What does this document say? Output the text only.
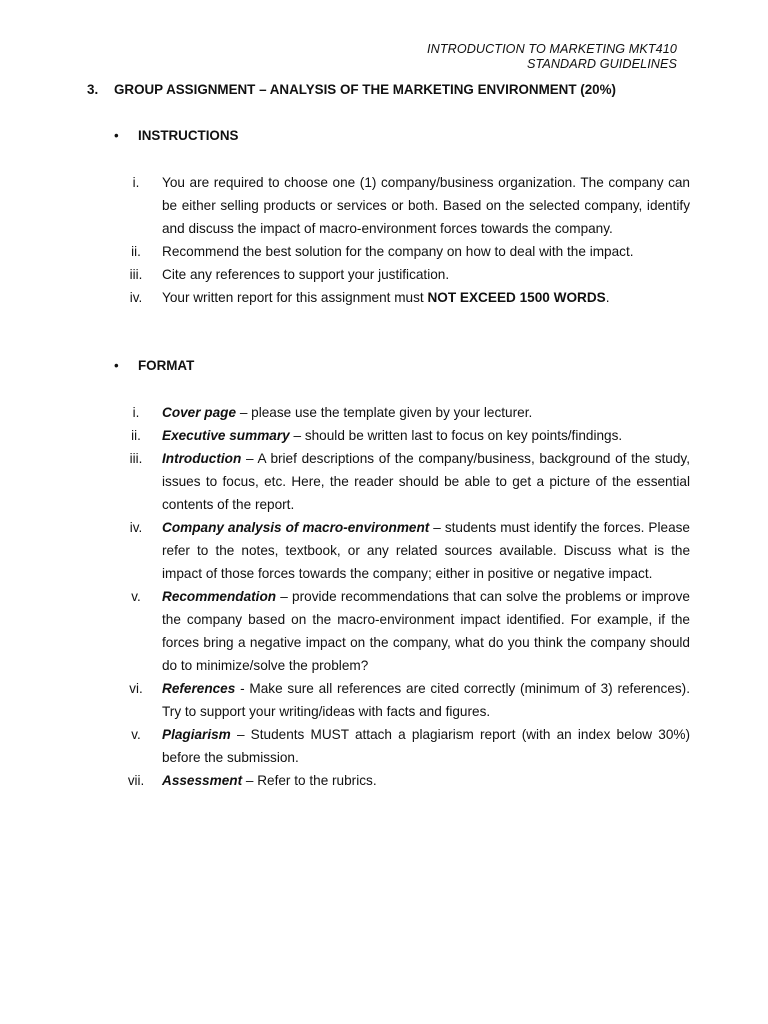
INTRODUCTION TO MARKETING MKT410
STANDARD GUIDELINES
3. GROUP ASSIGNMENT – ANALYSIS OF THE MARKETING ENVIRONMENT (20%)
• INSTRUCTIONS
i.	You are required to choose one (1) company/business organization. The company can be either selling products or services or both. Based on the selected company, identify and discuss the impact of macro-environment forces towards the company.
ii.	Recommend the best solution for the company on how to deal with the impact.
iii.	Cite any references to support your justification.
iv.	Your written report for this assignment must NOT EXCEED 1500 WORDS.
• FORMAT
i.	Cover page – please use the template given by your lecturer.
ii.	Executive summary – should be written last to focus on key points/findings.
iii.	Introduction – A brief descriptions of the company/business, background of the study, issues to focus, etc. Here, the reader should be able to get a picture of the essential contents of the report.
iv.	Company analysis of macro-environment – students must identify the forces. Please refer to the notes, textbook, or any related sources available. Discuss what is the impact of those forces towards the company; either in positive or negative impact.
v.	Recommendation – provide recommendations that can solve the problems or improve the company based on the macro-environment impact identified. For example, if the forces bring a negative impact on the company, what do you think the company should do to minimize/solve the problem?
vi.	References - Make sure all references are cited correctly (minimum of 3) references). Try to support your writing/ideas with facts and figures.
v.	Plagiarism – Students MUST attach a plagiarism report (with an index below 30%) before the submission.
vii.	Assessment – Refer to the rubrics.
